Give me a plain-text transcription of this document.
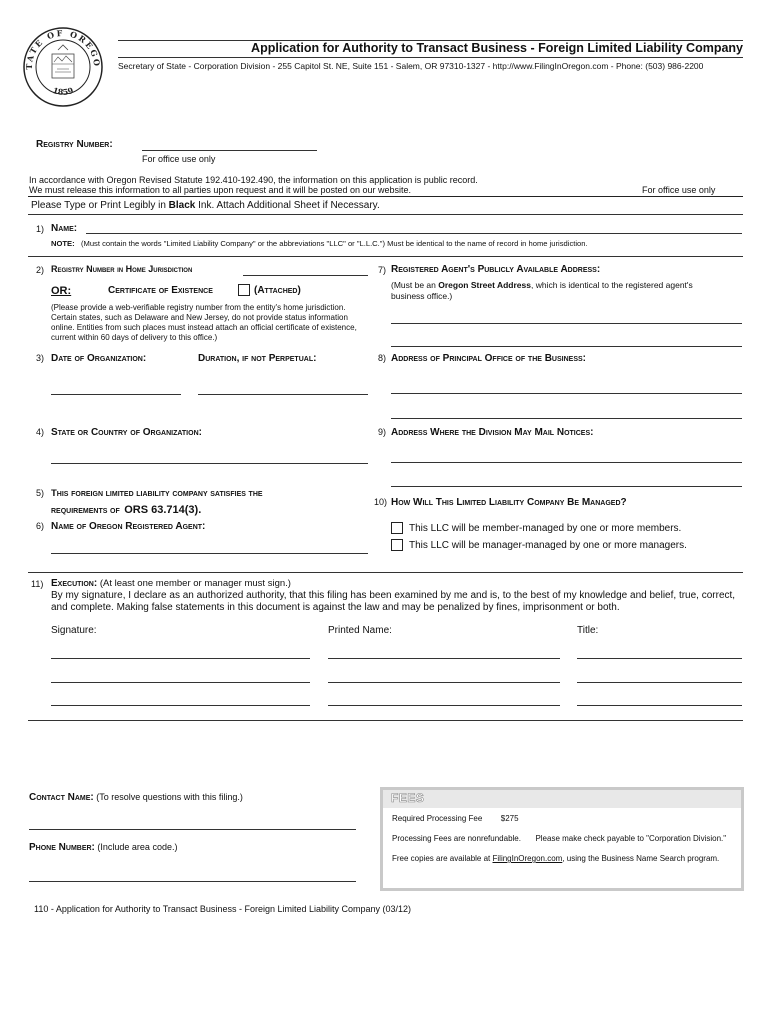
TATE OF OREGO
1859
Application for Authority to Transact Business - Foreign Limited Liability Company
Secretary of State - Corporation Division - 255 Capitol St. NE, Suite 151 - Salem, OR 97310-1327 - http://www.FilingInOregon.com - Phone: (503) 986-2200
Registry Number:
For office use only
In accordance with Oregon Revised Statute 192.410-192.490, the information on this application is public record.
We must release this information to all parties upon request and it will be posted on our website.	For office use only
Please Type or Print Legibly in Black Ink. Attach Additional Sheet if Necessary.
1) Name:
NOTE: (Must contain the words "Limited Liability Company" or the abbreviations "LLC" or "L.L.C.") Must be identical to the name of record in home jurisdiction.
2) Registry Number in Home Jurisdiction
OR:	Certificate of Existence	(Attached)
(Please provide a web-verifiable registry number from the entity's home jurisdiction. Certain states, such as Delaware and New Jersey, do not provide status information online. Entities from such places must instead attach an official certificate of existence, current within 60 days of delivery to this office.)
3) Date of Organization:	Duration, if not Perpetual:
4) State or Country of Organization:
5) This foreign limited liability company satisfies the
requirements of ORS 63.714(3).
6) Name of Oregon Registered Agent:
7) Registered Agent's Publicly Available Address:
(Must be an Oregon Street Address, which is identical to the registered agent's business office.)
8) Address of Principal Office of the Business:
9) Address Where the Division May Mail Notices:
10) How Will This Limited Liability Company Be Managed?
This LLC will be member-managed by one or more members.
This LLC will be manager-managed by one or more managers.
11) Execution: (At least one member or manager must sign.)
By my signature, I declare as an authorized authority, that this filing has been examined by me and is, to the best of my knowledge and belief, true, correct, and complete. Making false statements in this document is against the law and may be penalized by fines, imprisonment or both.
Signature:	Printed Name:	Title:
Contact Name: (To resolve questions with this filing.)
Phone Number: (Include area code.)
FEES
Required Processing Fee $275
Processing Fees are nonrefundable. Please make check payable to "Corporation Division."
Free copies are available at FilingInOregon.com, using the Business Name Search program.
110 - Application for Authority to Transact Business - Foreign Limited Liability Company (03/12)
